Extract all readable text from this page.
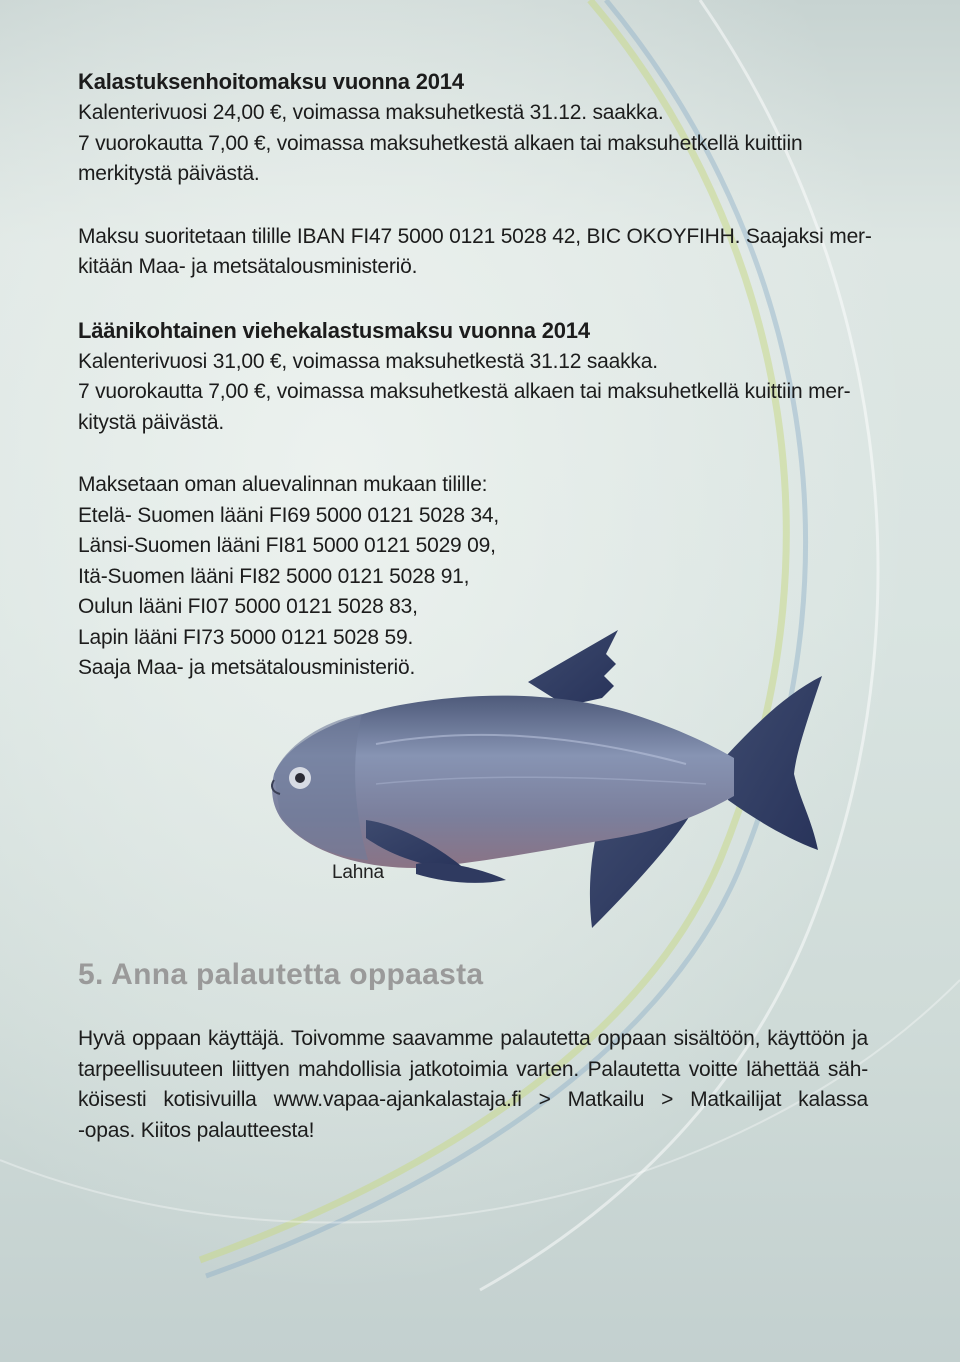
Kalastuksenhoitomaksu vuonna 2014

Kalenterivuosi 24,00 €, voimassa maksuhetkestä 31.12. saakka.

7 vuorokautta 7,00 €, voimassa maksuhetkestä alkaen tai maksuhetkellä kuittiin

merkitystä päivästä.

Maksu suoritetaan tilille IBAN FI47 5000 0121 5028 42, BIC OKOYFIHH. Saajaksi mer-

kitään Maa- ja metsätalousministeriö.

Läänikohtainen viehekalastusmaksu vuonna 2014

Kalenterivuosi 31,00 €, voimassa maksuhetkestä 31.12 saakka.

7 vuorokautta 7,00 €, voimassa maksuhetkestä alkaen tai maksuhetkellä kuittiin mer-

kitystä päivästä.

Maksetaan oman aluevalinnan mukaan tilille:

Etelä- Suomen lääni FI69 5000 0121 5028 34,

Länsi-Suomen lääni FI81 5000 0121 5029 09,

Itä-Suomen lääni FI82 5000 0121 5028 91,

Oulun lääni FI07 5000 0121 5028 83,

Lapin lääni FI73 5000 0121 5028 59.

Saaja Maa- ja metsätalousministeriö.

Lahna

5. Anna palautetta oppaasta

Hyvä oppaan käyttäjä. Toivomme saavamme palautetta oppaan sisältöön, käyttöön ja

tarpeellisuuteen liittyen mahdollisia jatkotoimia varten. Palautetta voitte lähettää säh-

köisesti kotisivuilla www.vapaa-ajankalastaja.fi > Matkailu > Matkailijat kalassa

-opas. Kiitos palautteesta!
